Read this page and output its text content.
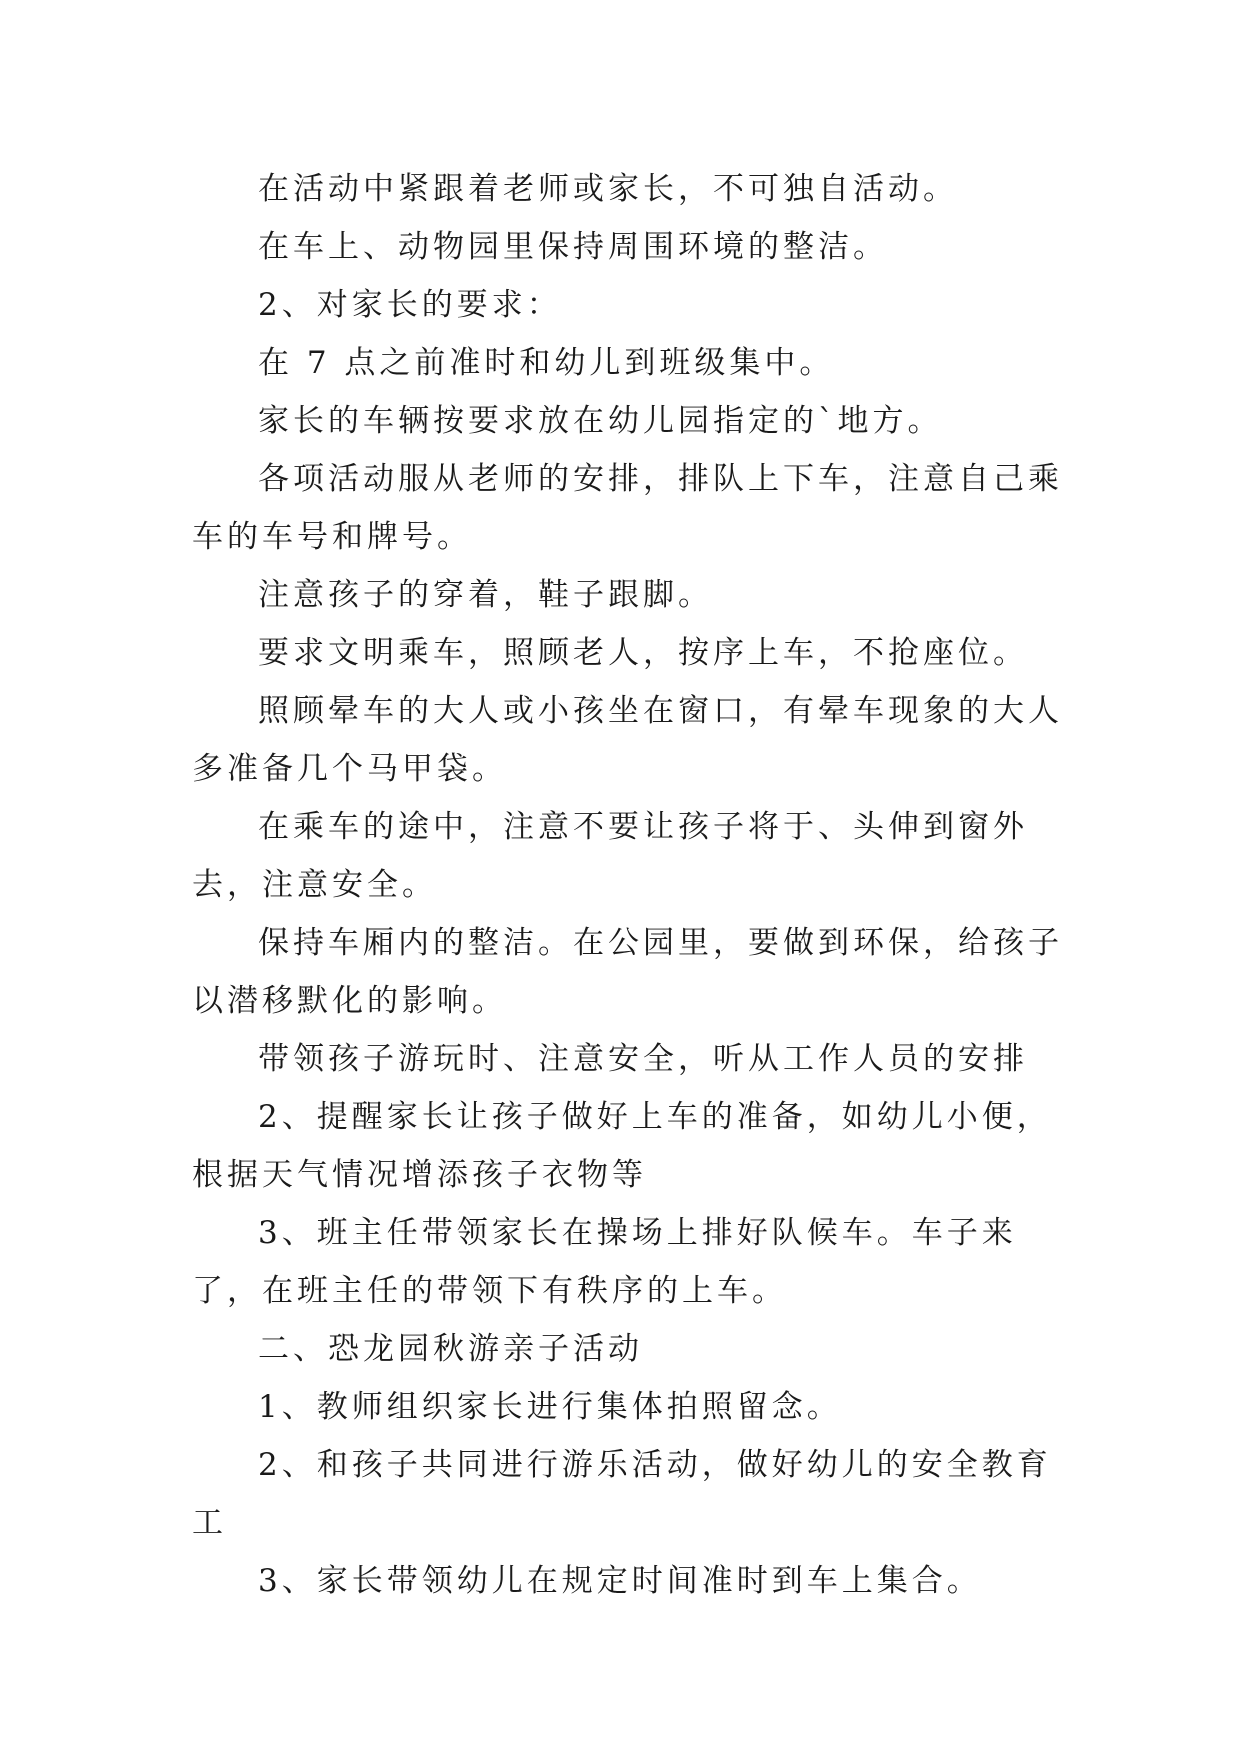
在活动中紧跟着老师或家长，不可独自活动。

在车上、动物园里保持周围环境的整洁。

2、对家长的要求：

在 7 点之前准时和幼儿到班级集中。

家长的车辆按要求放在幼儿园指定的`地方。

各项活动服从老师的安排，排队上下车，注意自己乘车的车号和牌号。

注意孩子的穿着，鞋子跟脚。

要求文明乘车，照顾老人，按序上车，不抢座位。

照顾晕车的大人或小孩坐在窗口，有晕车现象的大人多准备几个马甲袋。

在乘车的途中，注意不要让孩子将于、头伸到窗外去，注意安全。

保持车厢内的整洁。在公园里，要做到环保，给孩子以潜移默化的影响。

带领孩子游玩时、注意安全，听从工作人员的安排

2、提醒家长让孩子做好上车的准备，如幼儿小便，根据天气情况增添孩子衣物等

3、班主任带领家长在操场上排好队候车。车子来了，在班主任的带领下有秩序的上车。

二、恐龙园秋游亲子活动

1、教师组织家长进行集体拍照留念。

2、和孩子共同进行游乐活动，做好幼儿的安全教育工

3、家长带领幼儿在规定时间准时到车上集合。
